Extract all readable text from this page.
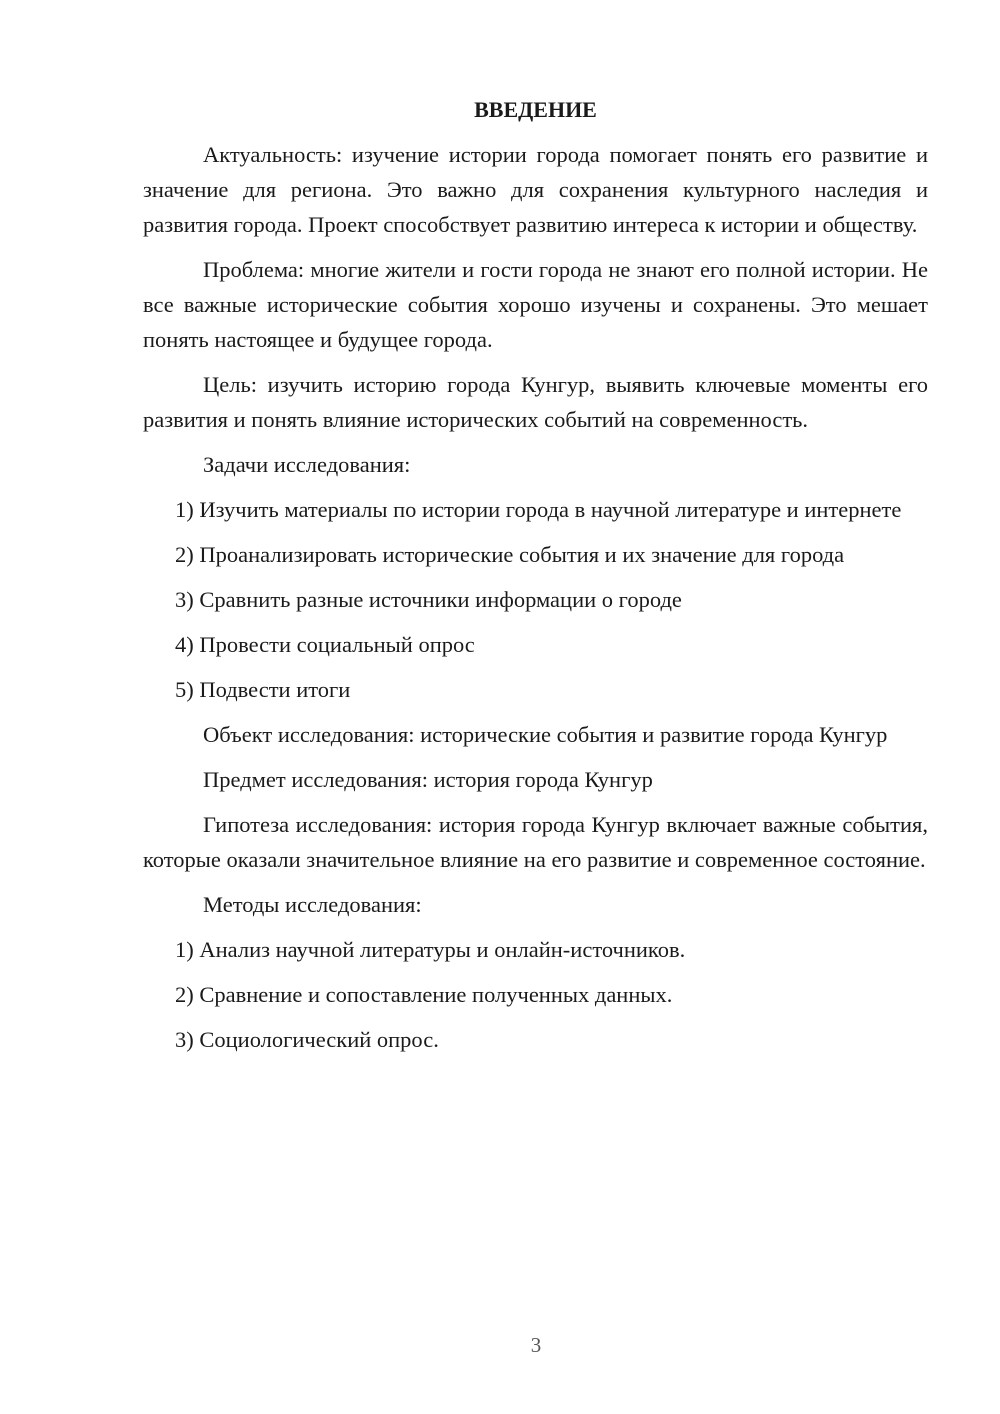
ВВЕДЕНИЕ

Актуальность: изучение истории города помогает понять его развитие и значение для региона. Это важно для сохранения культурного наследия и развития города. Проект способствует развитию интереса к истории и обществу.

Проблема: многие жители и гости города не знают его полной истории. Не все важные исторические события хорошо изучены и сохранены. Это мешает понять настоящее и будущее города.

Цель: изучить историю города Кунгур, выявить ключевые моменты его развития и понять влияние исторических событий на современность.

Задачи исследования:

1) Изучить материалы по истории города в научной литературе и интернете

2) Проанализировать исторические события и их значение для города

3) Сравнить разные источники информации о городе

4) Провести социальный опрос

5) Подвести итоги

Объект исследования: исторические события и развитие города Кунгур

Предмет исследования: история города Кунгур

Гипотеза исследования: история города Кунгур включает важные события, которые оказали значительное влияние на его развитие и современное состояние.

Методы исследования:

1) Анализ научной литературы и онлайн-источников.

2) Сравнение и сопоставление полученных данных.

3) Социологический опрос.

3
